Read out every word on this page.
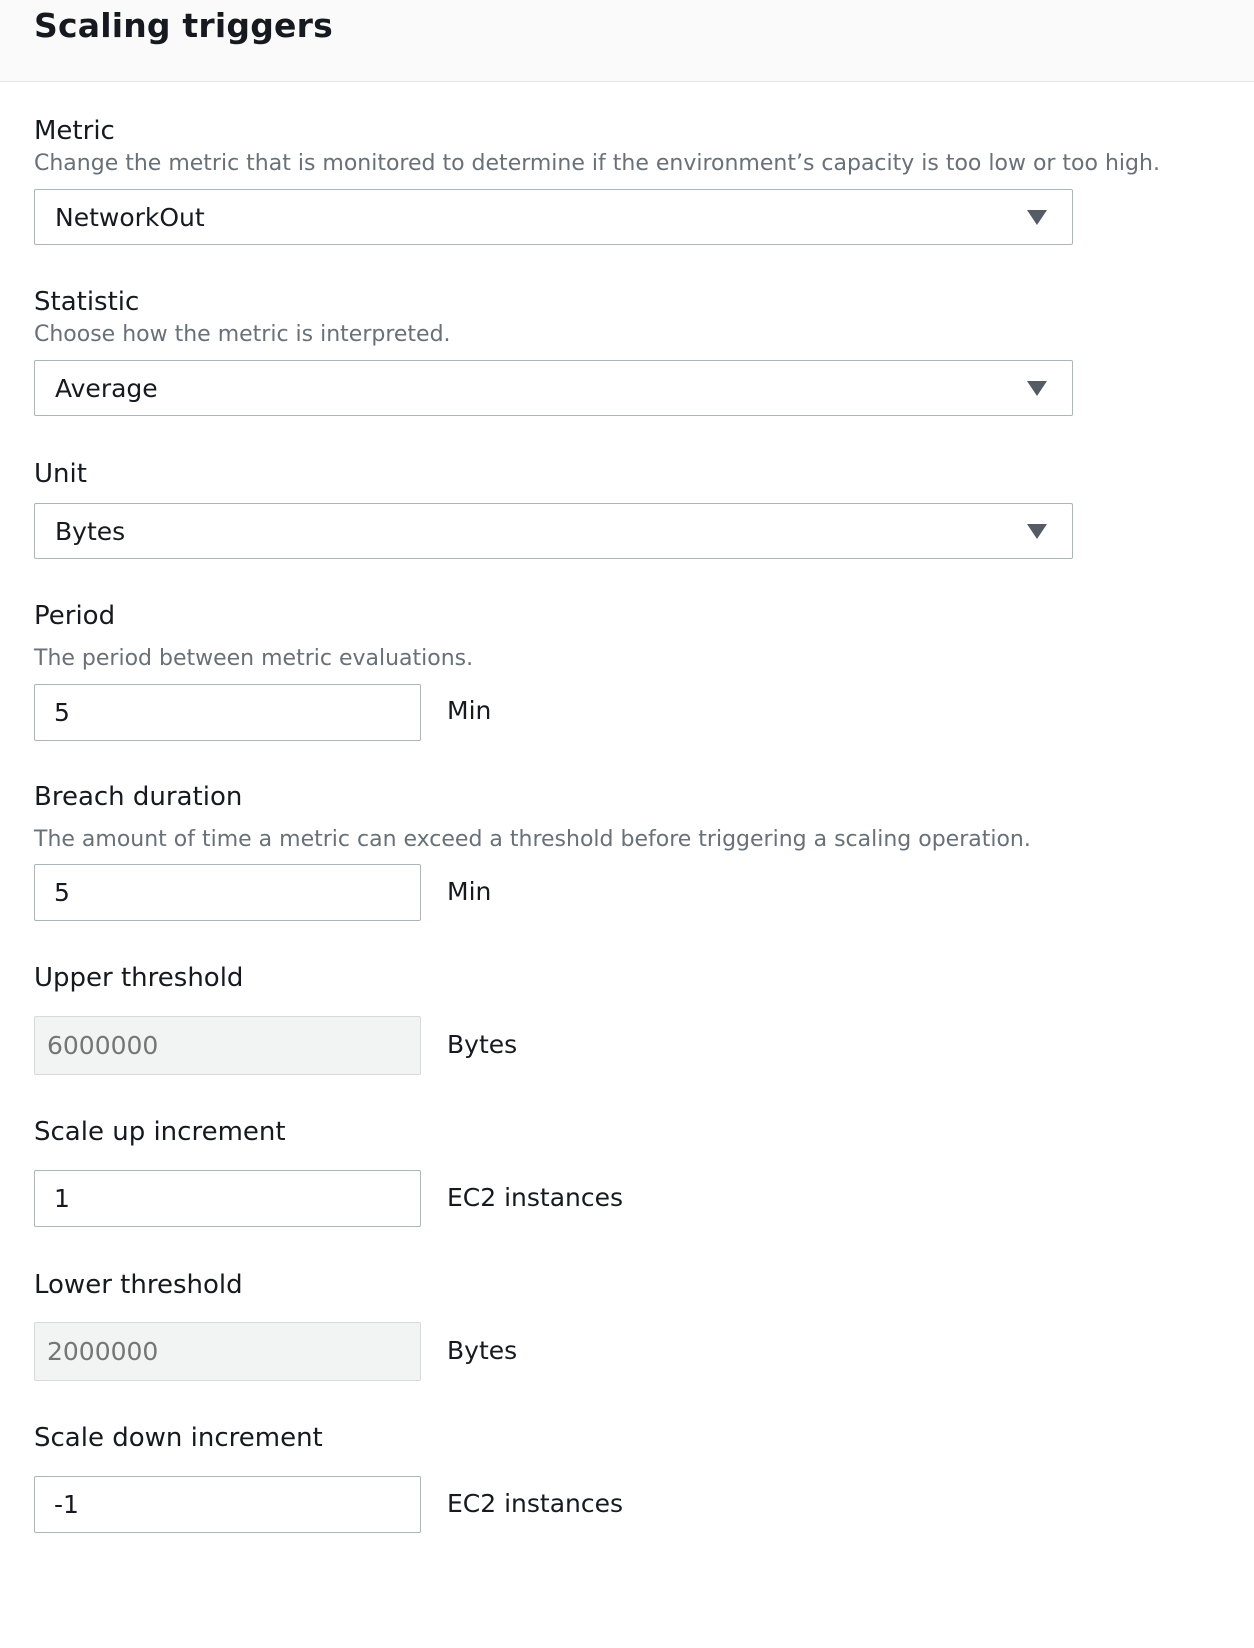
Scaling triggers
Metric
Change the metric that is monitored to determine if the environment’s capacity is too low or too high.
NetworkOut
Statistic
Choose how the metric is interpreted.
Average
Unit
Bytes
Period
The period between metric evaluations.
5
Min
Breach duration
The amount of time a metric can exceed a threshold before triggering a scaling operation.
5
Min
Upper threshold
6000000
Bytes
Scale up increment
1
EC2 instances
Lower threshold
2000000
Bytes
Scale down increment
-1
EC2 instances
